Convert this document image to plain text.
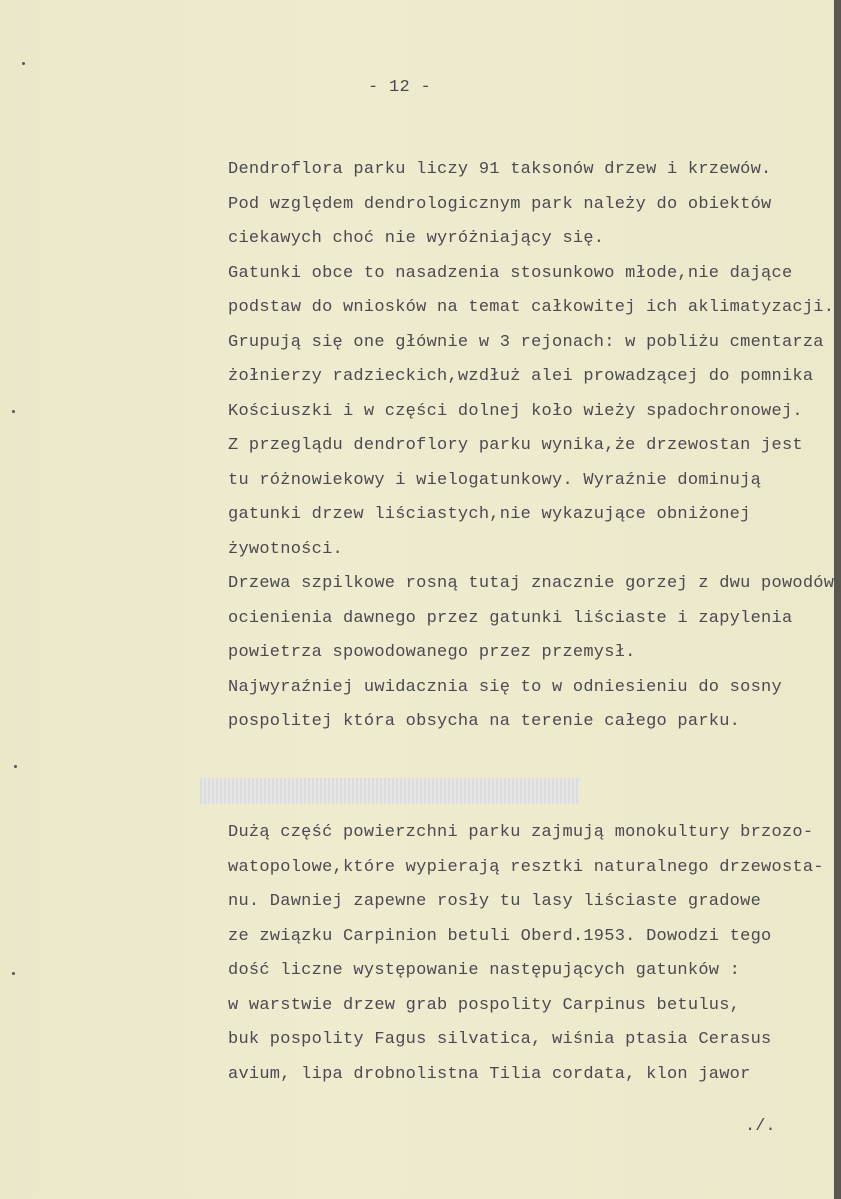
- 12 -
Dendroflora parku liczy 91 taksonów drzew i krzewów.
Pod względem dendrologicznym park należy do obiektów
ciekawych choć nie wyróżniający się.
Gatunki obce to nasadzenia stosunkowo młode,nie dające
podstaw do wniosków na temat całkowitej ich aklimatyzacji.
Grupują się one głównie w 3 rejonach: w pobliżu cmentarza
żołnierzy radzieckich,wzdłuż alei prowadzącej do pomnika
Kościuszki i w części dolnej koło wieży spadochronowej.
Z przeglądu dendroflory parku wynika,że drzewostan jest
tu różnowiekowy i wielogatunkowy. Wyraźnie dominują
gatunki drzew liściastych,nie wykazujące obniżonej
żywotności.
Drzewa szpilkowe rosną tutaj znacznie gorzej z dwu powodów
ocienienia dawnego przez gatunki liściaste i zapylenia
powietrza spowodowanego przez przemysł.
Najwyraźniej uwidacznia się to w odniesieniu do sosny
pospolitej która obsycha na terenie całego parku.
Dużą część powierzchni parku zajmują monokultury brzozo-
watopolowe,które wypierają resztki naturalnego drzewosta-
nu. Dawniej zapewne rosły tu lasy liściaste gradowe
ze związku Carpinion betuli Oberd.1953. Dowodzi tego
dość liczne występowanie następujących gatunków :
w warstwie drzew grab pospolity Carpinus betulus,
buk pospolity Fagus silvatica, wiśnia ptasia Cerasus
avium, lipa drobnolistna Tilia cordata, klon jawor
./.
